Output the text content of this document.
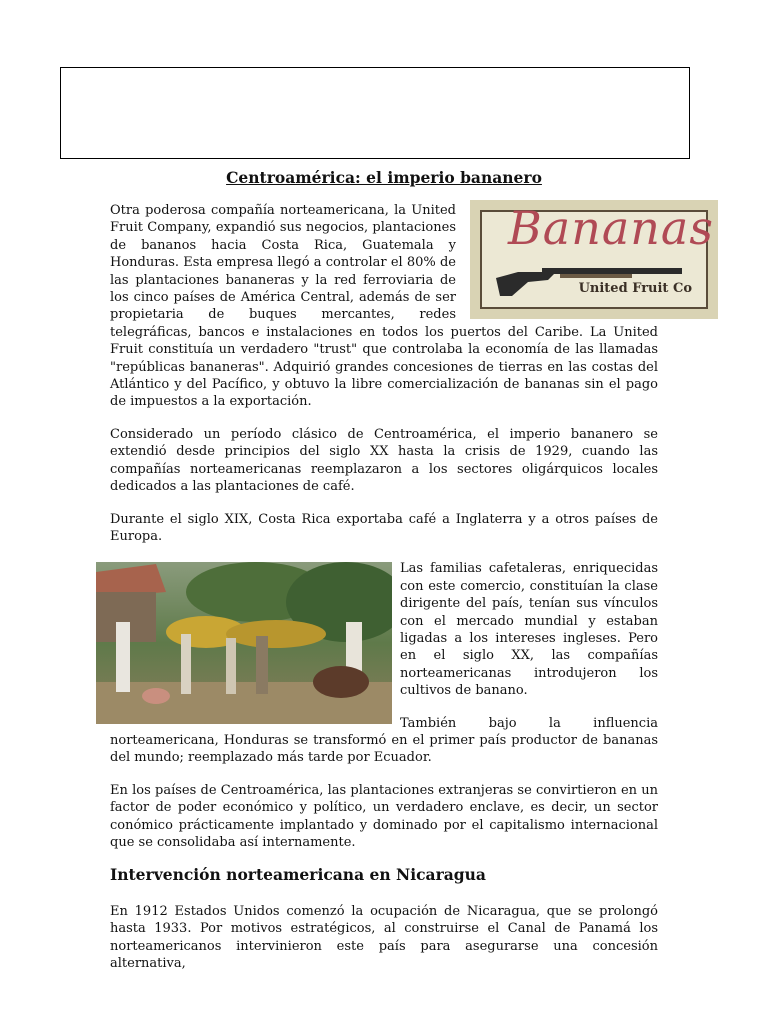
Centroamérica: el imperio bananero
Bananas
United Fruit Co

Otra poderosa compañía norteamericana, la United Fruit Company, expandió sus negocios, plantaciones de bananos hacia Costa Rica, Guatemala y Honduras. Esta empresa llegó a controlar el 80% de las plantaciones bananeras y la red ferroviaria de los cinco países de América Central, además de ser propietaria de buques mercantes, redes telegráficas, bancos e instalaciones en todos los puertos del Caribe. La United Fruit constituía un verdadero "trust" que controlaba la economía de las llamadas "repúblicas bananeras". Adquirió grandes concesiones de tierras en las costas del Atlántico y del Pacífico, y obtuvo la libre comercialización de bananas sin el pago de impuestos a la exportación.

Considerado un período clásico de Centroamérica, el imperio bananero se extendió desde principios del siglo XX hasta la crisis de 1929, cuando las compañías norteamericanas reemplazaron a los sectores oligárquicos locales dedicados a las plantaciones de café.

Durante el siglo XIX, Costa Rica exportaba café a Inglaterra y a otros países de Europa.

Las familias cafetaleras, enriquecidas con este comercio, constituían la clase dirigente del país, tenían sus vínculos con el mercado mundial y estaban ligadas a los intereses ingleses. Pero en el siglo XX, las compañías norteamericanas introdujeron los cultivos de banano.

También bajo la influencia norteamericana, Honduras se transformó en el primer país productor de bananas del mundo; reemplazado más tarde por Ecuador.

En los países de Centroamérica, las plantaciones extranjeras se convirtieron en un factor de poder económico y político, un verdadero enclave, es decir, un sector conómico prácticamente implantado y dominado por el capitalismo internacional que se consolidaba así internamente.

Intervención norteamericana en Nicaragua

En 1912 Estados Unidos comenzó la ocupación de Nicaragua, que se prolongó hasta 1933. Por motivos estratégicos, al construirse el Canal de Panamá los norteamericanos intervinieron este país para asegurarse una concesión alternativa,
